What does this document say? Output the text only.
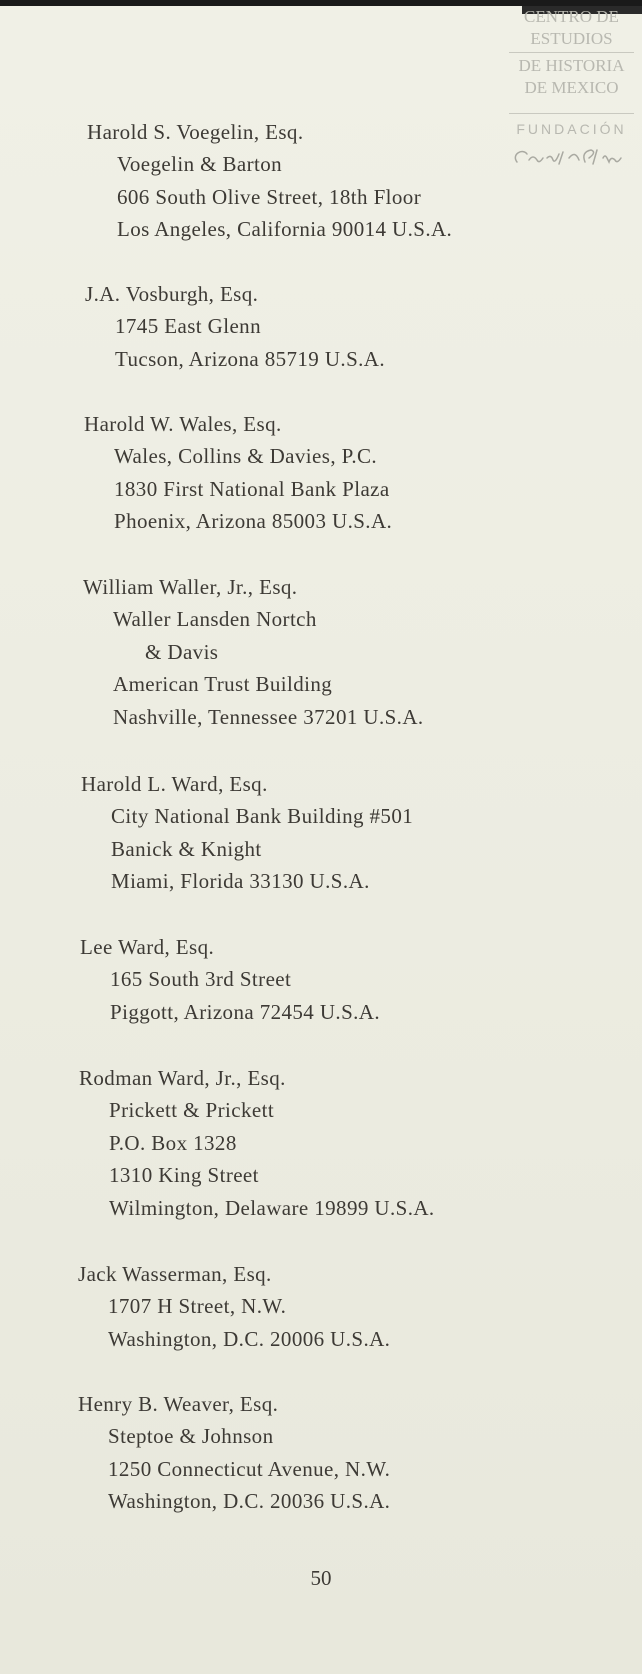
CENTRO DE
ESTUDIOS
DE HISTORIA
DE MEXICO
FUNDACIÓN
Harold S. Voegelin, Esq.
Voegelin & Barton
606 South Olive Street, 18th Floor
Los Angeles, California 90014 U.S.A.
J.A. Vosburgh, Esq.
1745 East Glenn
Tucson, Arizona 85719 U.S.A.
Harold W. Wales, Esq.
Wales, Collins & Davies, P.C.
1830 First National Bank Plaza
Phoenix, Arizona 85003 U.S.A.
William Waller, Jr., Esq.
Waller Lansden Nortch
& Davis
American Trust Building
Nashville, Tennessee 37201 U.S.A.
Harold L. Ward, Esq.
City National Bank Building #501
Banick & Knight
Miami, Florida 33130 U.S.A.
Lee Ward, Esq.
165 South 3rd Street
Piggott, Arizona 72454 U.S.A.
Rodman Ward, Jr., Esq.
Prickett & Prickett
P.O. Box 1328
1310 King Street
Wilmington, Delaware 19899 U.S.A.
Jack Wasserman, Esq.
1707 H Street, N.W.
Washington, D.C. 20006 U.S.A.
Henry B. Weaver, Esq.
Steptoe & Johnson
1250 Connecticut Avenue, N.W.
Washington, D.C. 20036 U.S.A.
50
